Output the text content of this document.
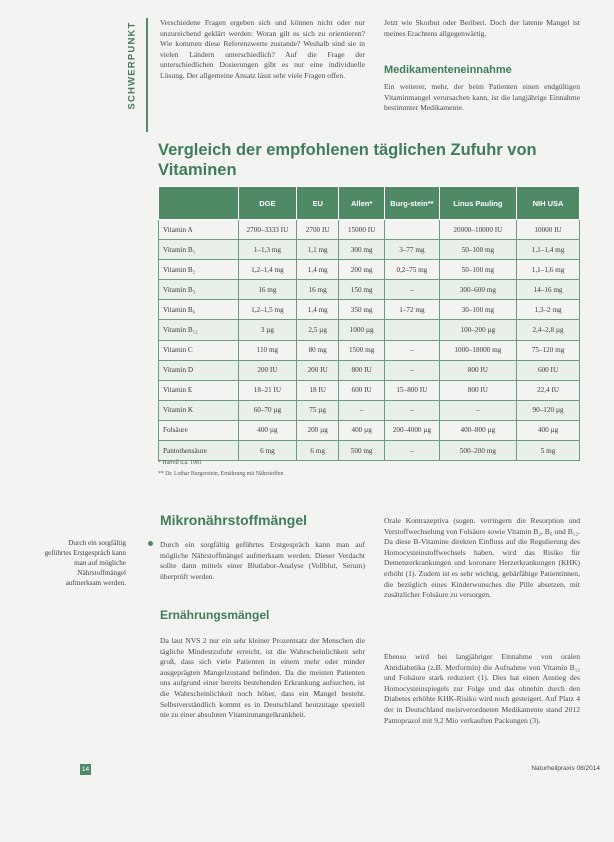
SCHWERPUNKT	Verschiedene Fragen ergeben sich und können nicht oder nur unzureichend geklärt werden: Woran gilt es sich zu orientieren? Wie kommen diese Referenzwerte zustande? Weshalb sind sie in vielen Ländern unterschiedlich? Auf die Frage der unterschiedlichen Dosierungen gibt es nur eine individuelle Lösung. Der allgemeine Ansatz lässt sehr viele Fragen offen.
Jetzt wie Skorbut oder Beriberi. Doch der latente Mangel ist meines Erachtens allgegenwärtig.
Medikamenteneinnahme
Ein weiterer, mehr, der beim Patienten einen endgültigen Vitaminmangel verursachen kann, ist die langjährige Einnahme bestimmter Medikamente.
Vergleich der empfohlenen täglichen Zufuhr von Vitaminen
	DGE	EU	Allen*	Burg-stein**	Linus Pauling	NIH USA
Vitamin A	2700–3333 IU	2700 IU	15000 IU		20000–10000 IU	10000 IU
Vitamin B₁	1–1,3 mg	1,1 mg	300 mg	3–77 mg	50–100 mg	1,1–1,4 mg
Vitamin B₂	1,2–1,4 mg	1,4 mg	200 mg	0,2–75 mg	50–100 mg	1,1–1,6 mg
Vitamin B₃	16 mg	16 mg	150 mg	–	300–600 mg	14–16 mg
Vitamin B₆	1,2–1,5 mg	1,4 mg	350 mg	1–72 mg	30–100 mg	1,3–2 mg
Vitamin B₁₂	3 µg	2,5 µg	1000 µg		100–200 µg	2,4–2,8 µg
Vitamin C	110 mg	80 mg	1500 mg	–	1000–18000 mg	75–120 mg
Vitamin D	200 IU	200 IU	800 IU	–	800 IU	600 IU
Vitamin E	18–21 IU	18 IU	600 IU	15–800 IU	800 IU	22,4 IU
Vitamin K	60–70 µg	75 µg	–	–	–	90–120 µg
Folsäure	400 µg	200 µg	400 µg	200–4000 µg	400–800 µg	400 µg
Pantothensäure	6 mg	6 mg	500 mg	–	500–200 mg	5 mg
* Harrell u.a. 1981
** Dr. Lothar Burgerstein, Ernährung mit Nährstoffen
Durch ein sorgfältig geführtes Erstgespräch kann man auf mögliche Nährstoffmängel aufmerksam werden.
Mikronährstoffmängel
Durch ein sorgfältig geführtes Erstgespräch kann man auf mögliche Nährstoffmängel aufmerksam werden. Dieser Verdacht sollte dann mittels einer Blutlabor-Analyse (Vollblut, Serum) überprüft werden.
Ernährungsmängel
Da laut NVS 2 nur ein sehr kleiner Prozentsatz der Menschen die tägliche Mindestzufuhr erreicht, ist die Wahrscheinlichkeit sehr groß, dass sich viele Patienten in einem mehr oder minder ausgeprägten Mangelzustand befinden. Da die meisten Patienten uns aufgrund einer bereits bestehenden Erkrankung aufsuchen, ist die Wahrscheinlichkeit noch höher, dass ein Mangel besteht. Selbstverständlich kommt es in Deutschland heutzutage speziell nie zu einer absoluten Vitaminmangelkrankheit.
Orale Kontrazeptiva (sogen. verringern die Resorption und Verstoffwechselung von Folsäure sowie Vitamin B₂, B₆ und B₁₂. Da diese B-Vitamine direkten Einfluss auf die Regulierung des Homocysteinstoffwechsels haben, wird das Risiko für Demenzerkrankungen und koronare Herzerkrankungen (KHK) erhöht (1). Zudem ist es sehr wichtig, gebärfähige Patientinnen, die bezüglich eines Kinderwunsches die Pille absetzen, mit zusätzlicher Folsäure zu versorgen.
Ebenso wird bei langjähriger Einnahme von oralen Antidiabetika (z.B. Metformin) die Aufnahme von Vitamin B₁₂ und Folsäure stark reduziert (1). Dies hat einen Anstieg des Homocysteinspiegels zur Folge und das ohnehin durch den Diabetes erhöhte KHK-Risiko wird noch gesteigert. Auf Platz 4 der in Deutschland meistverordneten Medikamente stand 2012 Pantoprazol mit 9,2 Mio verkauften Packungen (3).
14	Naturheilpraxis 08/2014
